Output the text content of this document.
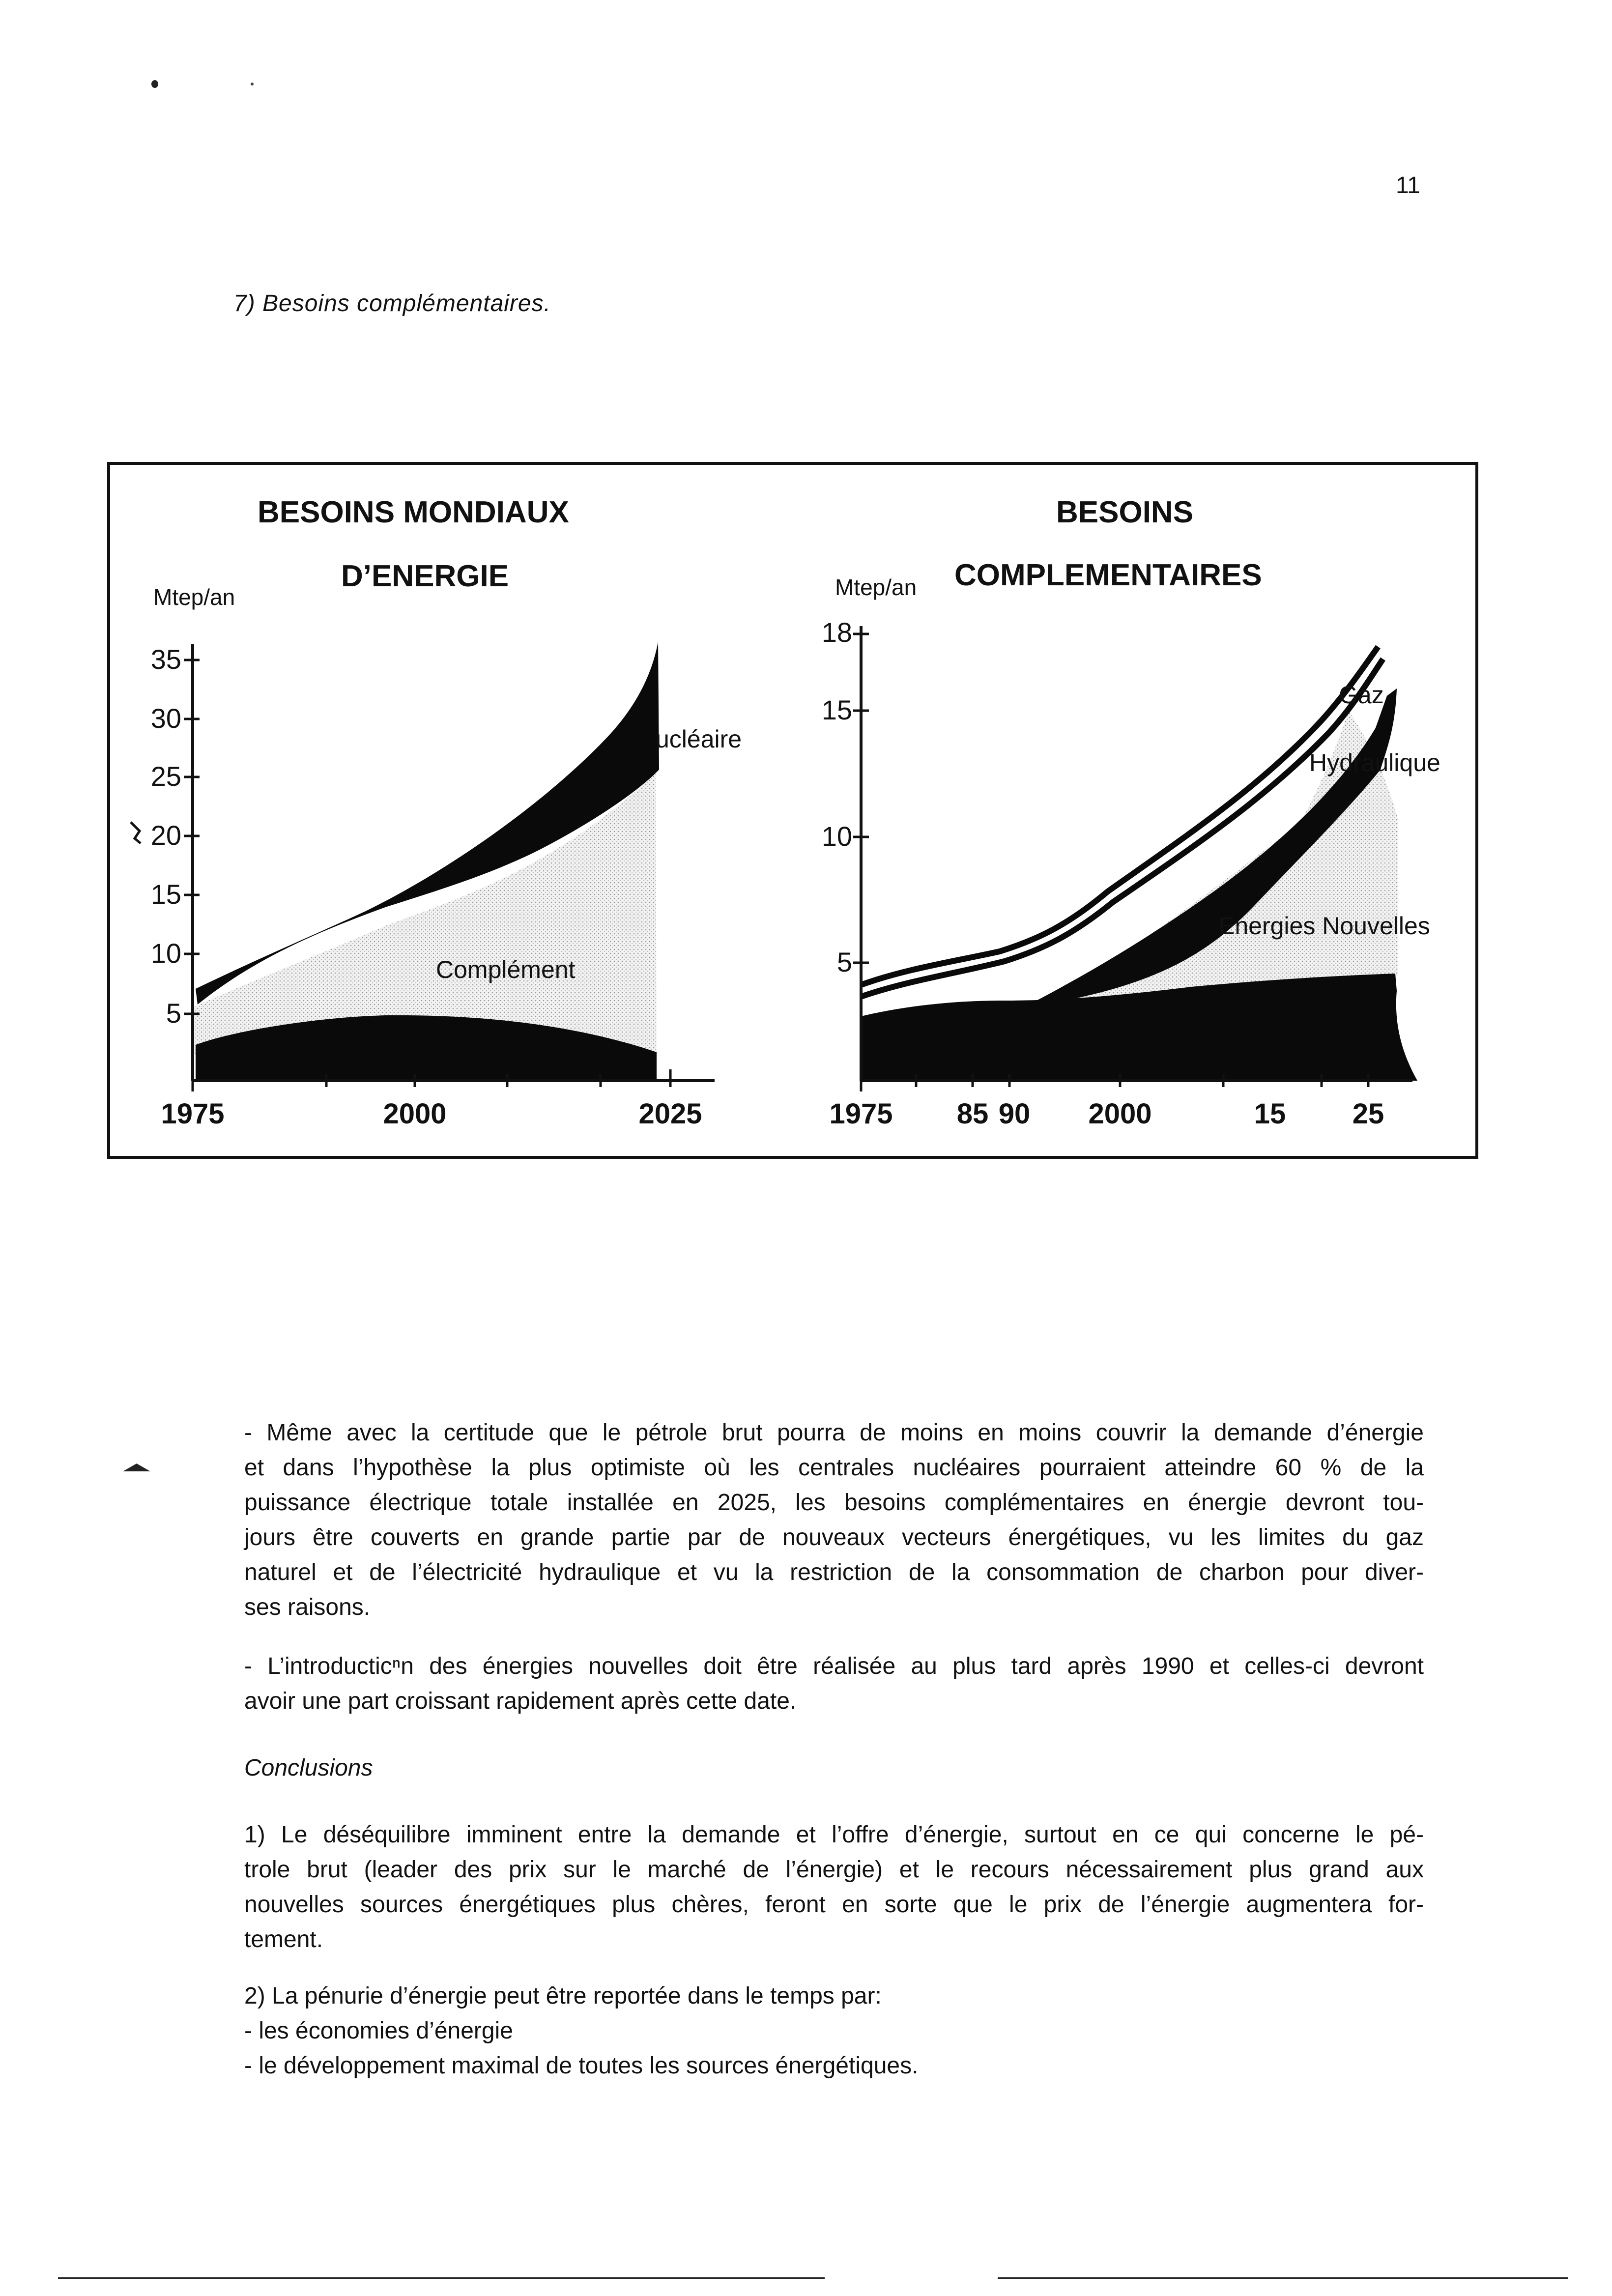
11
7) Besoins complémentaires.
BESOINS MONDIAUX
D’ENERGIE
Mtep/an
35
30
25
20
15
10
5
1975	2000	2025
ucléaire
Complément
BESOINS
COMPLEMENTAIRES
Mtep/an
18
15
10
5
1975 85 90 2000	15 25
Gaz
Hydraulique
Energies Nouvelles
- Même avec la certitude que le pétrole brut pourra de moins en moins couvrir la demande d’énergie
et dans l’hypothèse la plus optimiste où les centrales nucléaires pourraient atteindre 60 % de la
puissance électrique totale installée en 2025, les besoins complémentaires en énergie devront tou-
jours être couverts en grande partie par de nouveaux vecteurs énergétiques, vu les limites du gaz
naturel et de l’électricité hydraulique et vu la restriction de la consommation de charbon pour diver-
ses raisons.
- L’introducticⁿn des énergies nouvelles doit être réalisée au plus tard après 1990 et celles-ci devront
avoir une part croissant rapidement après cette date.
Conclusions
1) Le déséquilibre imminent entre la demande et l’offre d’énergie, surtout en ce qui concerne le pé-
trole brut (leader des prix sur le marché de l’énergie) et le recours nécessairement plus grand aux
nouvelles sources énergétiques plus chères, feront en sorte que le prix de l’énergie augmentera for-
tement.
2) La pénurie d’énergie peut être reportée dans le temps par:
- les économies d’énergie
- le développement maximal de toutes les sources énergétiques.
